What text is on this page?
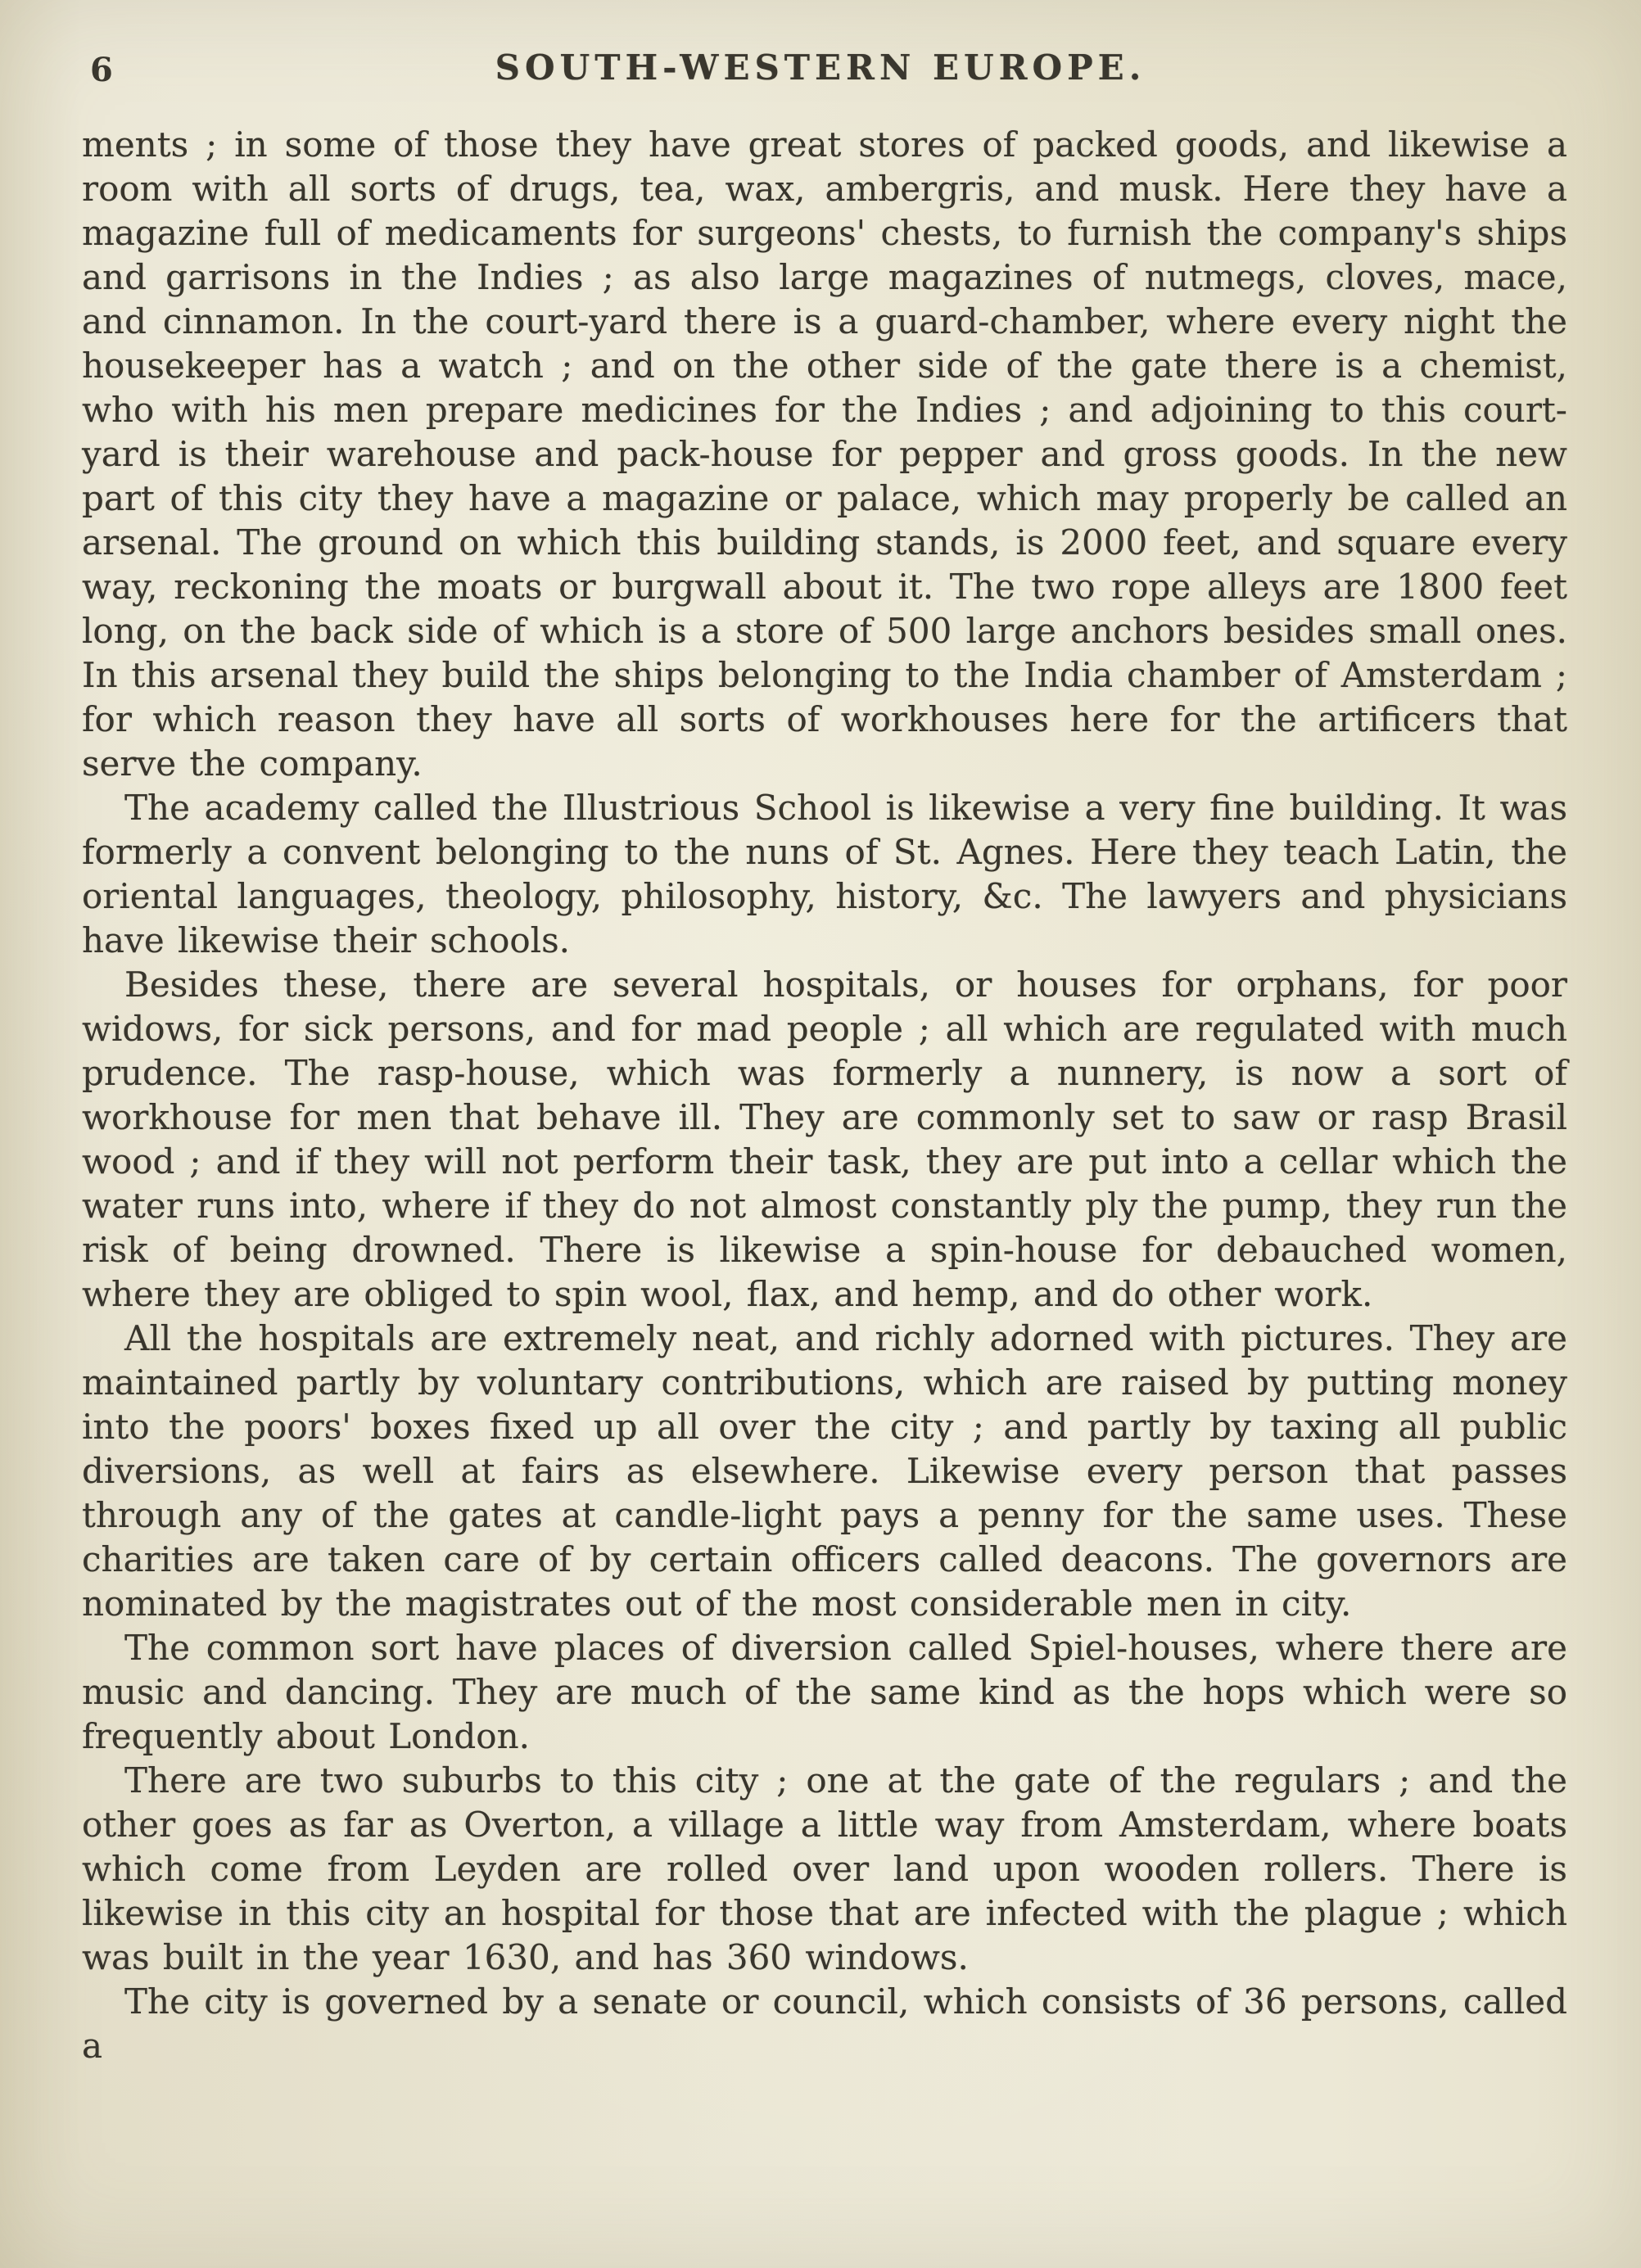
6	SOUTH-WESTERN EUROPE.

ments ; in some of those they have great stores of packed goods, and likewise a room with all sorts of drugs, tea, wax, ambergris, and musk. Here they have a magazine full of medicaments for surgeons' chests, to furnish the company's ships and garrisons in the Indies ; as also large magazines of nutmegs, cloves, mace, and cinnamon. In the court-yard there is a guard-chamber, where every night the housekeeper has a watch ; and on the other side of the gate there is a chemist, who with his men prepare medicines for the Indies ; and adjoining to this court-yard is their warehouse and pack-house for pepper and gross goods. In the new part of this city they have a magazine or palace, which may properly be called an arsenal. The ground on which this building stands, is 2000 feet, and square every way, reckoning the moats or burgwall about it. The two rope alleys are 1800 feet long, on the back side of which is a store of 500 large anchors besides small ones. In this arsenal they build the ships belonging to the India chamber of Amsterdam ; for which reason they have all sorts of workhouses here for the artificers that serve the company.

The academy called the Illustrious School is likewise a very fine building. It was formerly a convent belonging to the nuns of St. Agnes. Here they teach Latin, the oriental languages, theology, philosophy, history, &c. The lawyers and physicians have likewise their schools.

Besides these, there are several hospitals, or houses for orphans, for poor widows, for sick persons, and for mad people ; all which are regulated with much prudence. The rasp-house, which was formerly a nunnery, is now a sort of workhouse for men that behave ill. They are commonly set to saw or rasp Brasil wood ; and if they will not perform their task, they are put into a cellar which the water runs into, where if they do not almost constantly ply the pump, they run the risk of being drowned. There is likewise a spin-house for debauched women, where they are obliged to spin wool, flax, and hemp, and do other work.

All the hospitals are extremely neat, and richly adorned with pictures. They are maintained partly by voluntary contributions, which are raised by putting money into the poors' boxes fixed up all over the city ; and partly by taxing all public diversions, as well at fairs as elsewhere. Likewise every person that passes through any of the gates at candle-light pays a penny for the same uses. These charities are taken care of by certain officers called deacons. The governors are nominated by the magistrates out of the most considerable men in city.

The common sort have places of diversion called Spiel-houses, where there are music and dancing. They are much of the same kind as the hops which were so frequently about London.

There are two suburbs to this city ; one at the gate of the regulars ; and the other goes as far as Overton, a village a little way from Amsterdam, where boats which come from Leyden are rolled over land upon wooden rollers. There is likewise in this city an hospital for those that are infected with the plague ; which was built in the year 1630, and has 360 windows.

The city is governed by a senate or council, which consists of 36 persons, called a
